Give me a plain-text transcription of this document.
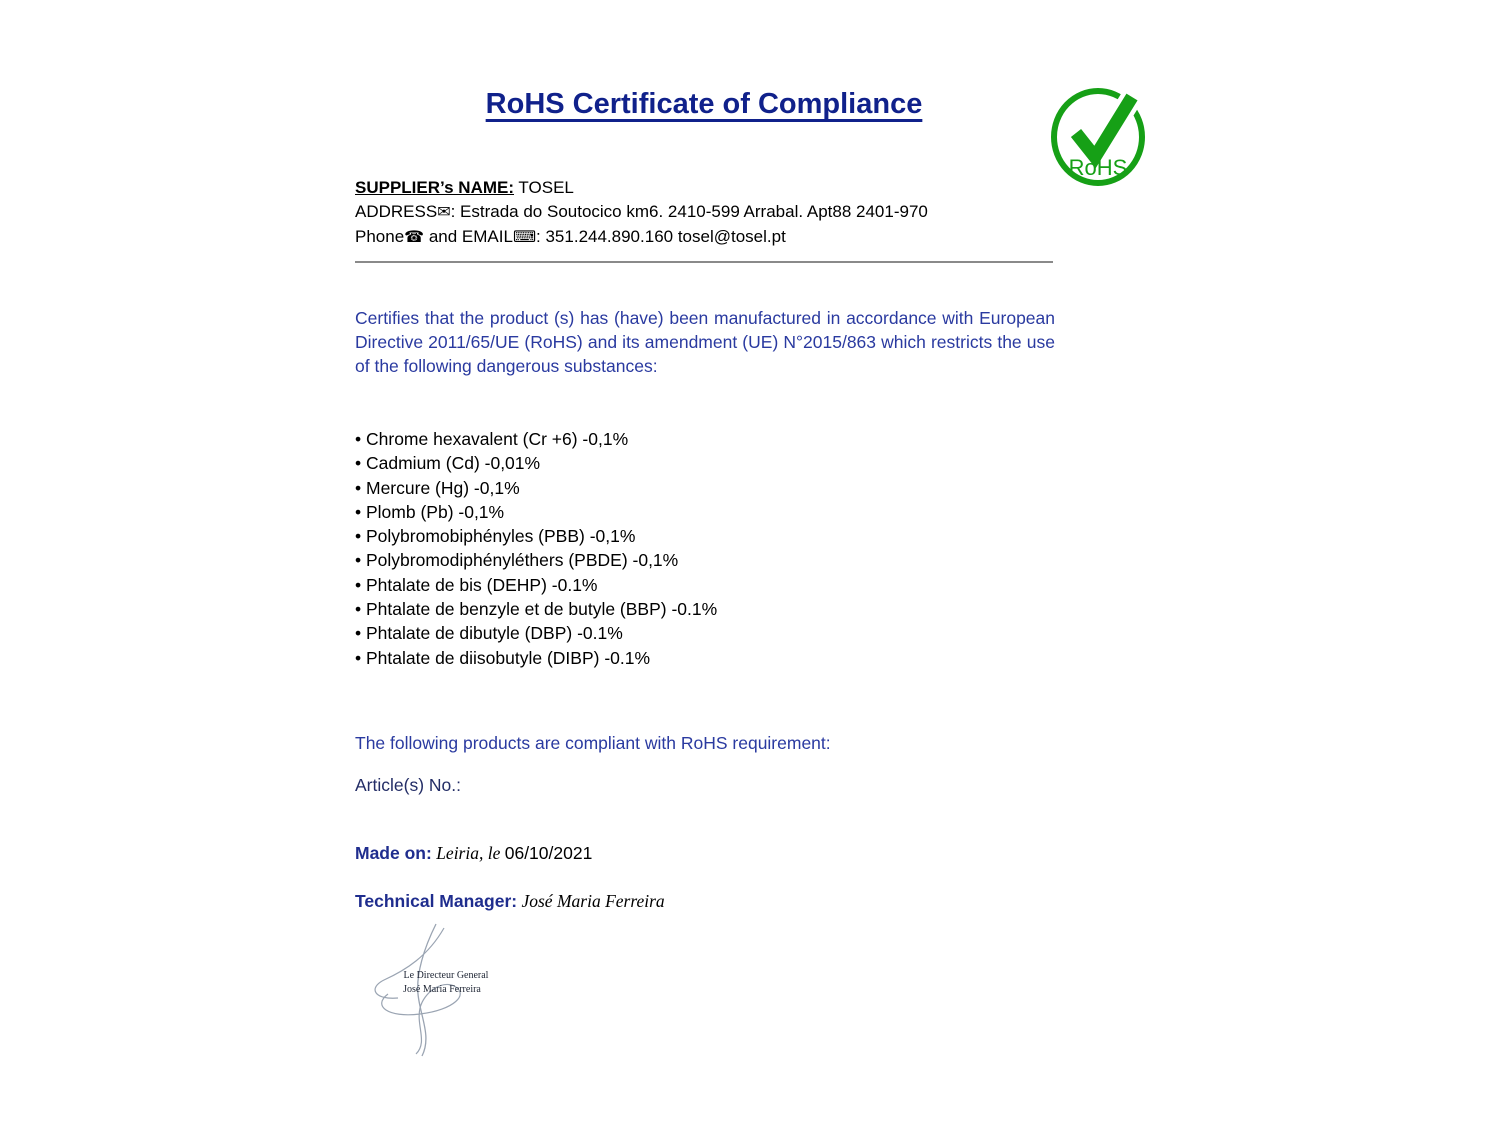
RoHS Certificate of Compliance
RoHS
SUPPLIER’s NAME: TOSEL
ADDRESS✉: Estrada do Soutocico km6. 2410-599 Arrabal. Apt88 2401-970
Phone☎ and EMAIL⌨: 351.244.890.160 tosel@tosel.pt

Certifies that the product (s) has (have) been manufactured in accordance with European Directive 2011/65/UE (RoHS) and its amendment (UE) N°2015/863 which restricts the use of the following dangerous substances:

• Chrome hexavalent (Cr +6) -0,1%
• Cadmium (Cd) -0,01%
• Mercure (Hg) -0,1%
• Plomb (Pb) -0,1%
• Polybromobiphényles (PBB) -0,1%
• Polybromodiphényléthers (PBDE) -0,1%
• Phtalate de bis (DEHP) -0.1%
• Phtalate de benzyle et de butyle (BBP) -0.1%
• Phtalate de dibutyle (DBP) -0.1%
• Phtalate de diisobutyle (DIBP) -0.1%

The following products are compliant with RoHS requirement:

Article(s) No.:

Made on: Leiria, le 06/10/2021

Technical Manager: José Maria Ferreira

Le Directeur General
José Maria Ferreira
